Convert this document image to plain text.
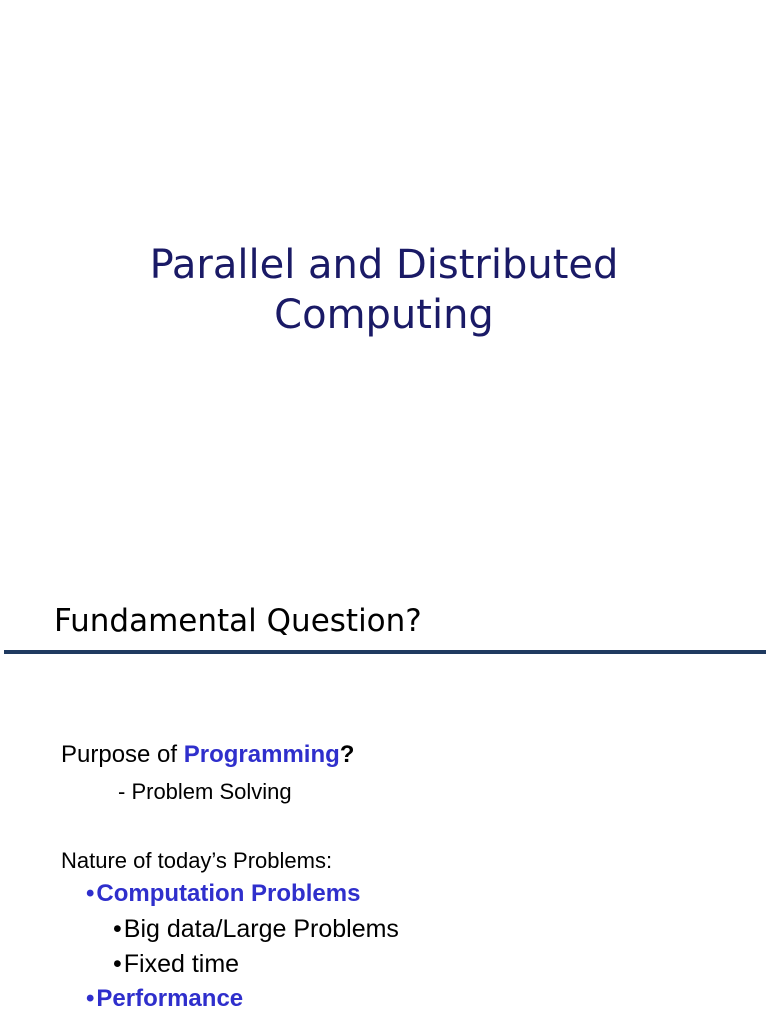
Parallel and Distributed
Computing
Fundamental Question?
Purpose of Programming?
- Problem Solving
Nature of today’s Problems:
•Computation Problems
•Big data/Large Problems
•Fixed time
•Performance
